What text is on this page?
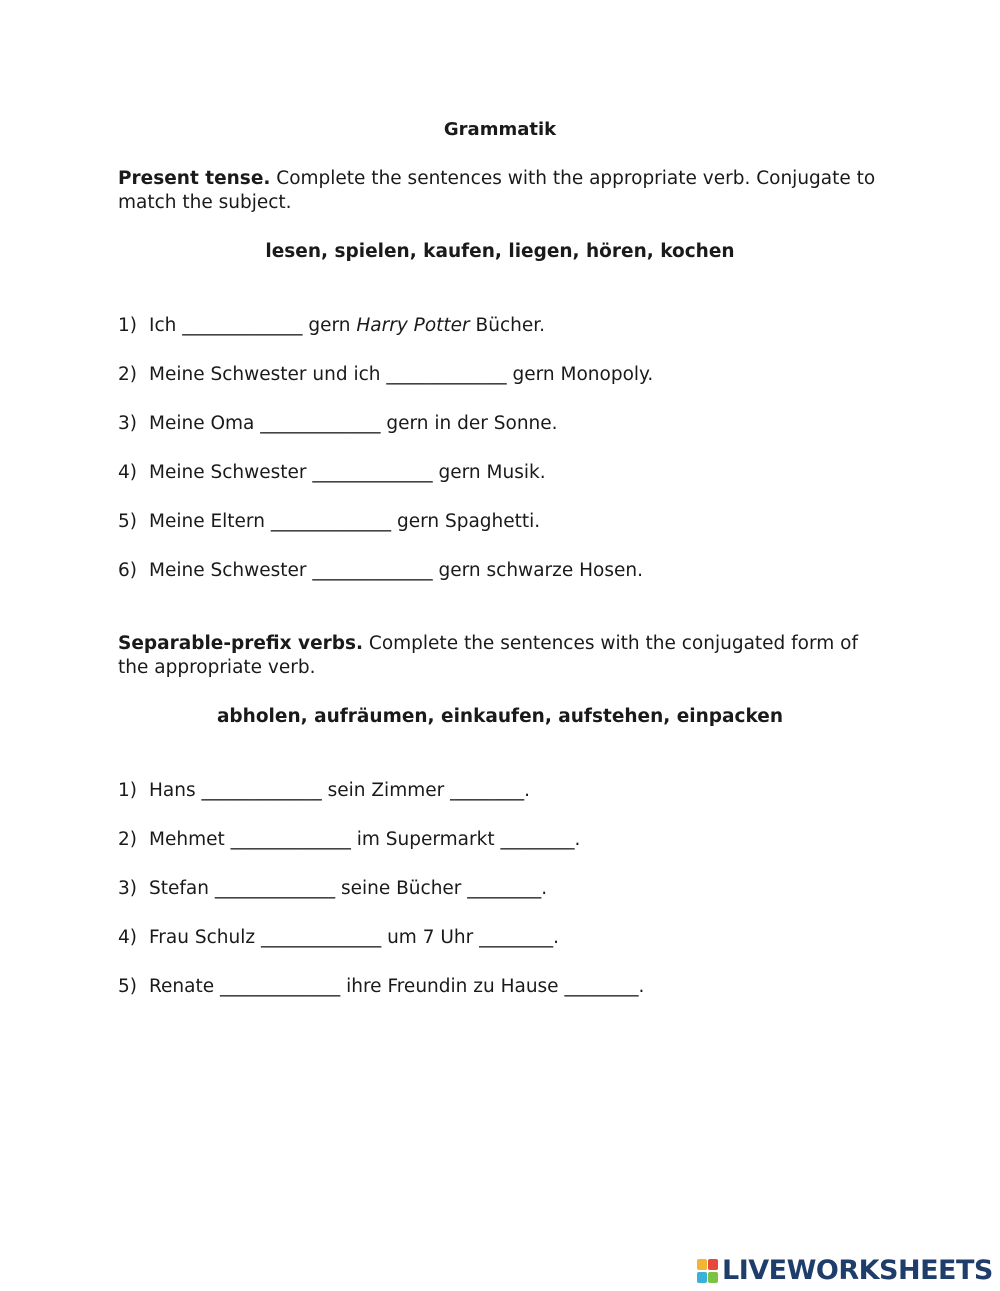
Grammatik
Present tense. Complete the sentences with the appropriate verb. Conjugate to match the subject.
lesen, spielen, kaufen, liegen, hören, kochen
1) Ich _____________ gern Harry Potter Bücher.
2) Meine Schwester und ich _____________ gern Monopoly.
3) Meine Oma _____________ gern in der Sonne.
4) Meine Schwester _____________ gern Musik.
5) Meine Eltern _____________ gern Spaghetti.
6) Meine Schwester _____________ gern schwarze Hosen.
Separable-prefix verbs. Complete the sentences with the conjugated form of the appropriate verb.
abholen, aufräumen, einkaufen, aufstehen, einpacken
1) Hans _____________ sein Zimmer ________.
2) Mehmet _____________ im Supermarkt ________.
3) Stefan _____________ seine Bücher ________.
4) Frau Schulz _____________ um 7 Uhr ________.
5) Renate _____________ ihre Freundin zu Hause ________.
LIVEWORKSHEETS
